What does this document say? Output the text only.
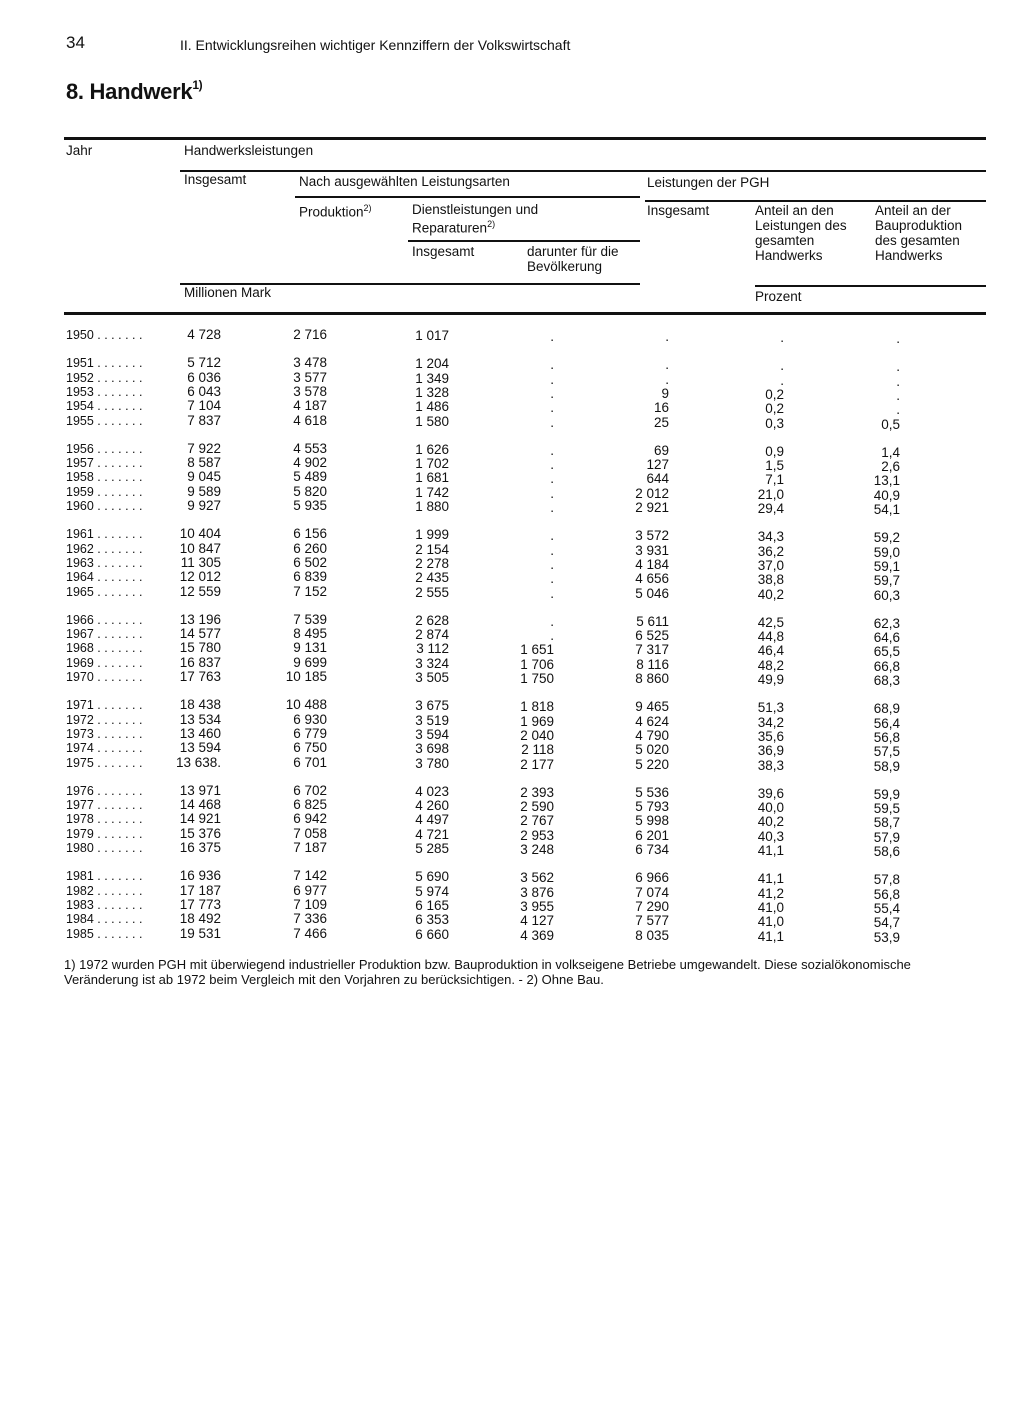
34	II. Entwicklungsreihen wichtiger Kennziffern der Volkswirtschaft
8. Handwerk$^{1)}$
Jahr	Handwerksleistungen
Insgesamt	Nach ausgewählten Leistungsarten	Leistungen der PGH
Produktion$^{2)}$	Dienstleistungen und
Reparaturen$^{2)}$
Insgesamt	Anteil an den
Leistungen des
gesamten
Handwerks
Anteil an der
Bauproduktion
des gesamten
Handwerks
Insgesamt	darunter für die
Bevölkerung
Millionen Mark	Prozent
1950 . . . . . . .	4 728	2 716	1 017	.	.	.	.
1951 . . . . . . .	5 712	3 478	1 204	.	.	.	.
1952 . . . . . . .	6 036	3 577	1 349	.	.	.	.
1953 . . . . . . .	6 043	3 578	1 328	.	9	0,2	.
1954 . . . . . . .	7 104	4 187	1 486	.	16	0,2	.
1955 . . . . . . .	7 837	4 618	1 580	.	25	0,3	0,5
1956 . . . . . . .	7 922	4 553	1 626	.	69	0,9	1,4
1957 . . . . . . .	8 587	4 902	1 702	.	127	1,5	2,6
1958 . . . . . . .	9 045	5 489	1 681	.	644	7,1	13,1
1959 . . . . . . .	9 589	5 820	1 742	.	2 012	21,0	40,9
1960 . . . . . . .	9 927	5 935	1 880	.	2 921	29,4	54,1
1961 . . . . . . .	10 404	6 156	1 999	.	3 572	34,3	59,2
1962 . . . . . . .	10 847	6 260	2 154	.	3 931	36,2	59,0
1963 . . . . . . .	11 305	6 502	2 278	.	4 184	37,0	59,1
1964 . . . . . . .	12 012	6 839	2 435	.	4 656	38,8	59,7
1965 . . . . . . .	12 559	7 152	2 555	.	5 046	40,2	60,3
1966 . . . . . . .	13 196	7 539	2 628	.	5 611	42,5	62,3
1967 . . . . . . .	14 577	8 495	2 874	.	6 525	44,8	64,6
1968 . . . . . . .	15 780	9 131	3 112	1 651	7 317	46,4	65,5
1969 . . . . . . .	16 837	9 699	3 324	1 706	8 116	48,2	66,8
1970 . . . . . . .	17 763	10 185	3 505	1 750	8 860	49,9	68,3
1971 . . . . . . .	18 438	10 488	3 675	1 818	9 465	51,3	68,9
1972 . . . . . . .	13 534	6 930	3 519	1 969	4 624	34,2	56,4
1973 . . . . . . .	13 460	6 779	3 594	2 040	4 790	35,6	56,8
1974 . . . . . . .	13 594	6 750	3 698	2 118	5 020	36,9	57,5
1975 . . . . . . .	13 638.	6 701	3 780	2 177	5 220	38,3	58,9
1976 . . . . . . .	13 971	6 702	4 023	2 393	5 536	39,6	59,9
1977 . . . . . . .	14 468	6 825	4 260	2 590	5 793	40,0	59,5
1978 . . . . . . .	14 921	6 942	4 497	2 767	5 998	40,2	58,7
1979 . . . . . . .	15 376	7 058	4 721	2 953	6 201	40,3	57,9
1980 . . . . . . .	16 375	7 187	5 285	3 248	6 734	41,1	58,6
1981 . . . . . . .	16 936	7 142	5 690	3 562	6 966	41,1	57,8
1982 . . . . . . .	17 187	6 977	5 974	3 876	7 074	41,2	56,8
1983 . . . . . . .	17 773	7 109	6 165	3 955	7 290	41,0	55,4
1984 . . . . . . .	18 492	7 336	6 353	4 127	7 577	41,0	54,7
1985 . . . . . . .	19 531	7 466	6 660	4 369	8 035	41,1	53,9
1) 1972 wurden PGH mit überwiegend industrieller Produktion bzw. Bauproduktion in volkseigene Betriebe umgewandelt. Diese sozialökonomische Veränderung ist ab 1972 beim Vergleich mit den Vorjahren zu berücksichtigen. - 2) Ohne Bau.
